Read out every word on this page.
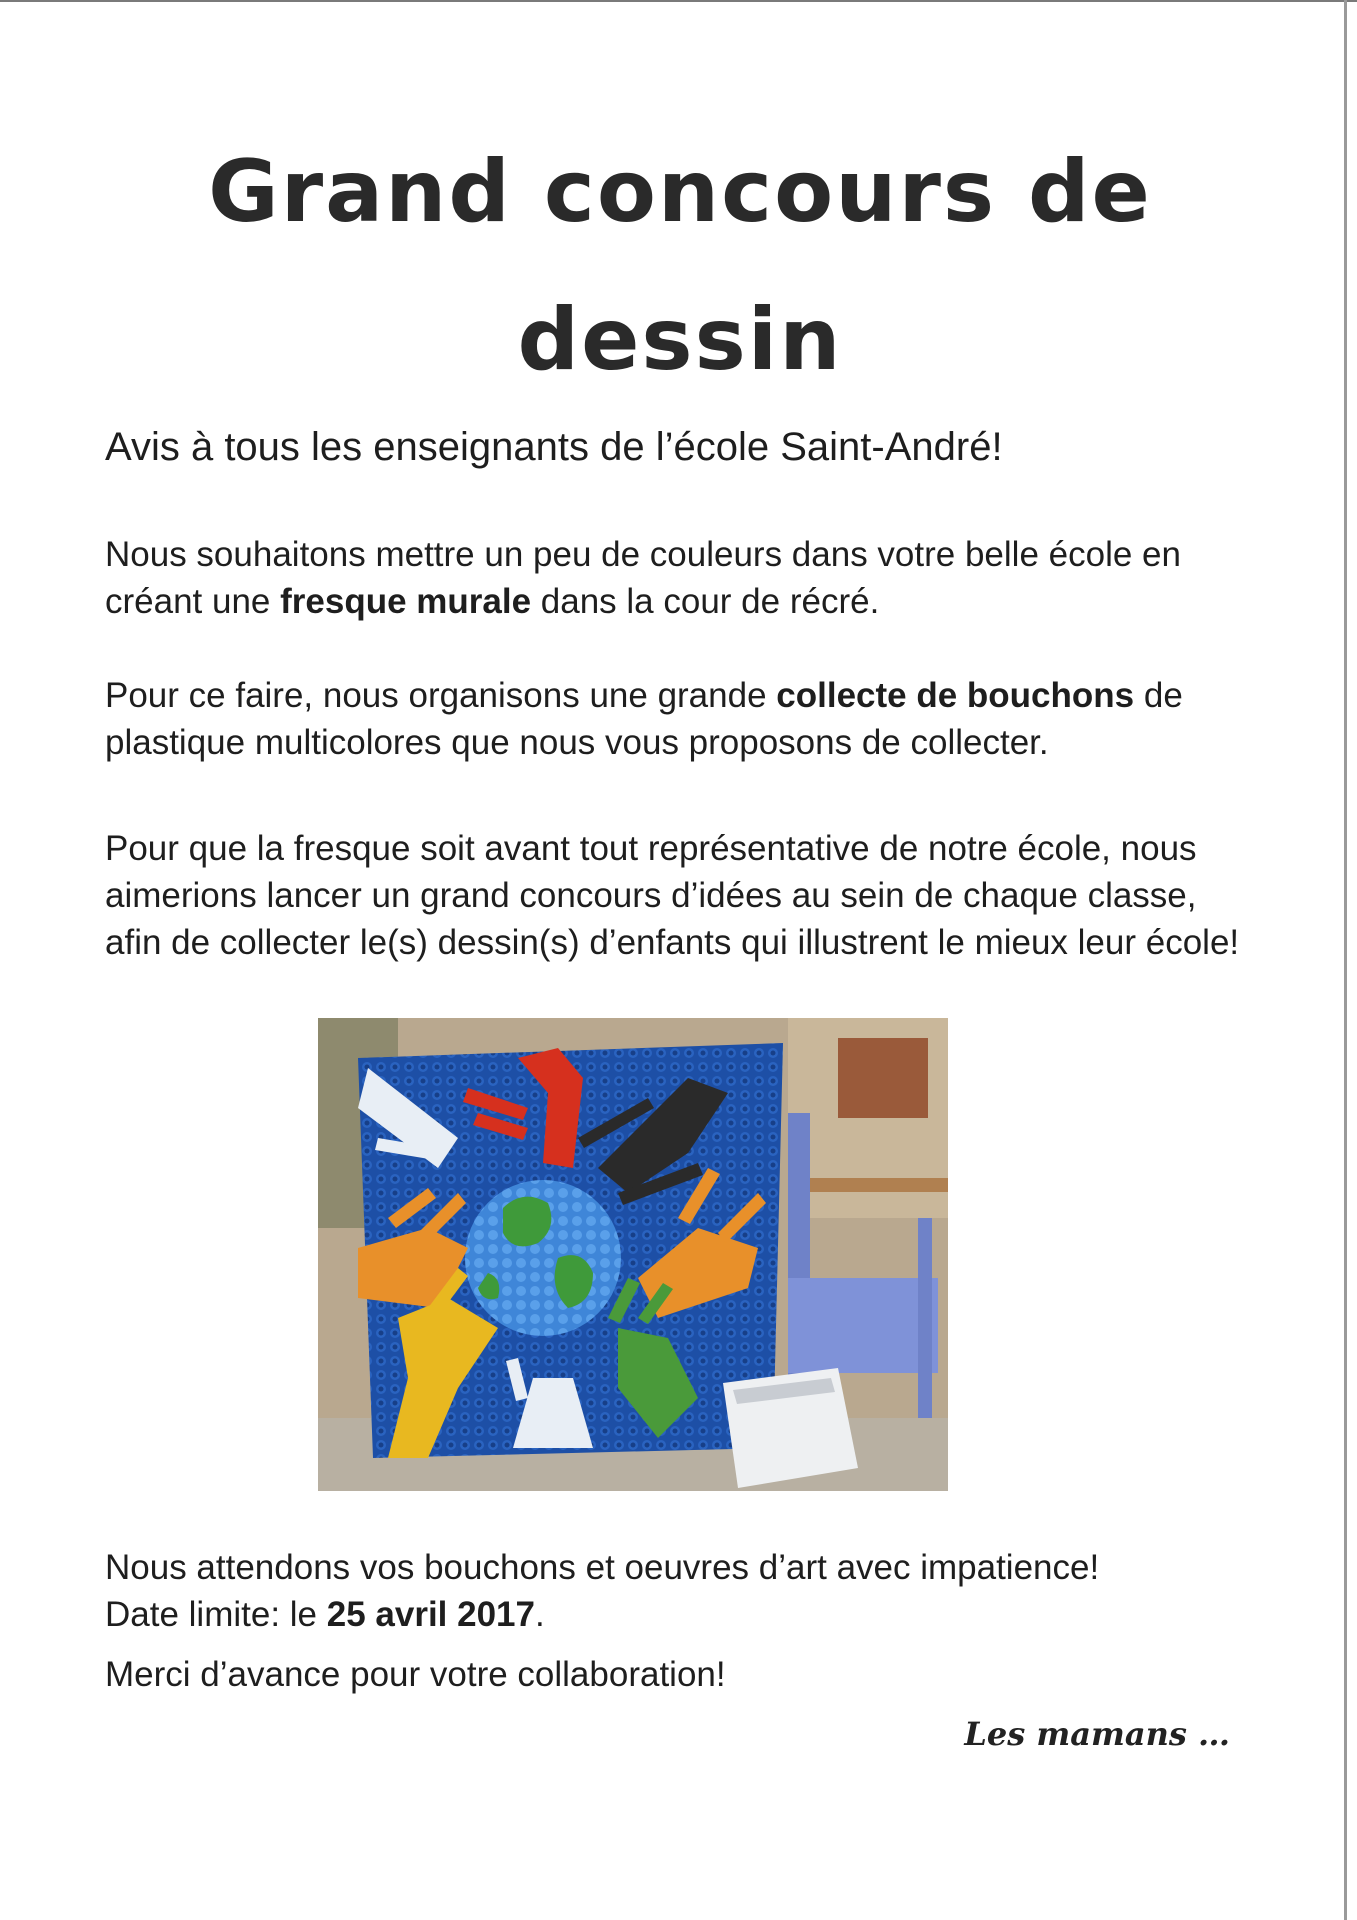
Grand concours de dessin

Avis à tous les enseignants de l’école Saint-André!

Nous souhaitons mettre un peu de couleurs dans votre belle école en créant une fresque murale dans la cour de récré.

Pour ce faire, nous organisons une grande collecte de bouchons de plastique multicolores que nous vous proposons de collecter.

Pour que la fresque soit avant tout représentative de notre école, nous aimerions lancer un grand concours d’idées au sein de chaque classe, afin de collecter le(s) dessin(s) d’enfants qui illustrent le mieux leur école!

Nous attendons vos bouchons et oeuvres d’art avec impatience!
Date limite: le 25 avril 2017.

Merci d’avance pour votre collaboration!

Les mamans …
